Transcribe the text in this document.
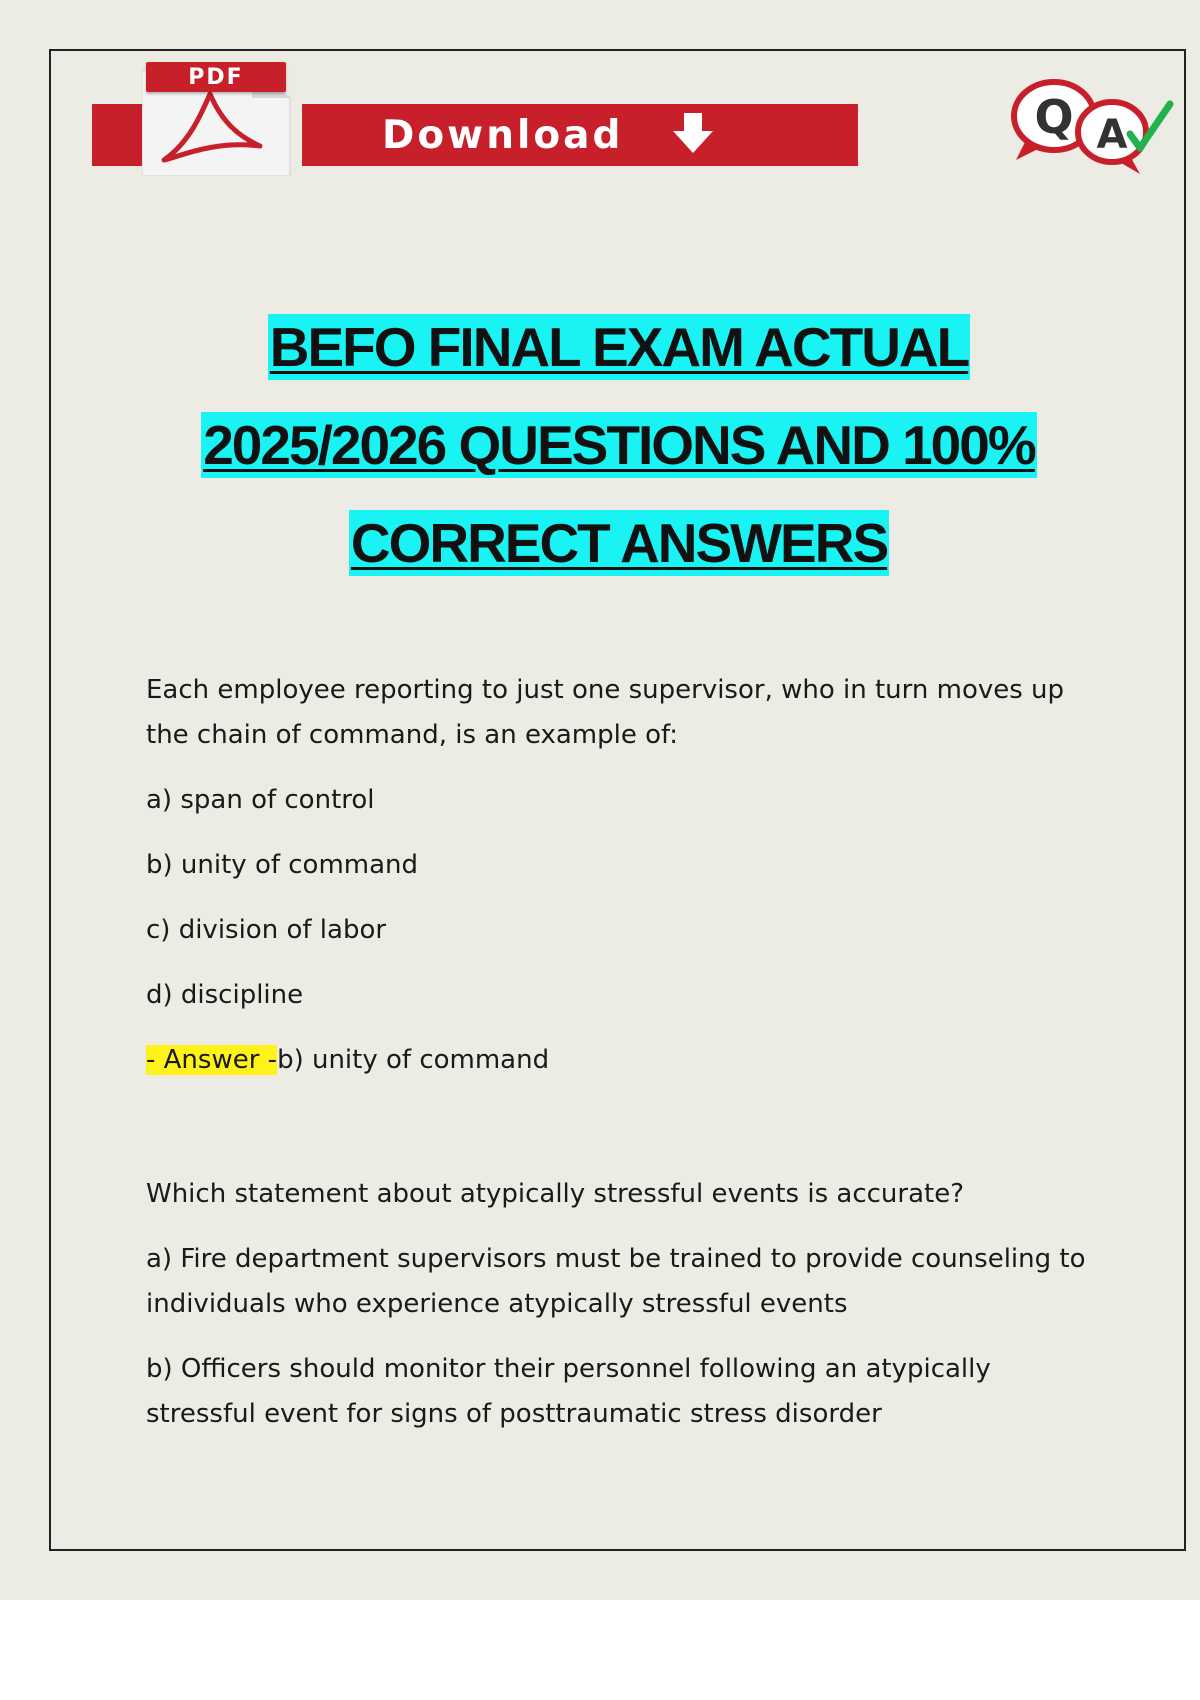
Download
PDF
Q A
BEFO FINAL EXAM ACTUAL
2025/2026 QUESTIONS AND 100%
CORRECT ANSWERS

Each employee reporting to just one supervisor, who in turn moves up the chain of command, is an example of:

a) span of control

b) unity of command

c) division of labor

d) discipline

- Answer -b) unity of command

Which statement about atypically stressful events is accurate?

a) Fire department supervisors must be trained to provide counseling to individuals who experience atypically stressful events

b) Officers should monitor their personnel following an atypically stressful event for signs of posttraumatic stress disorder
